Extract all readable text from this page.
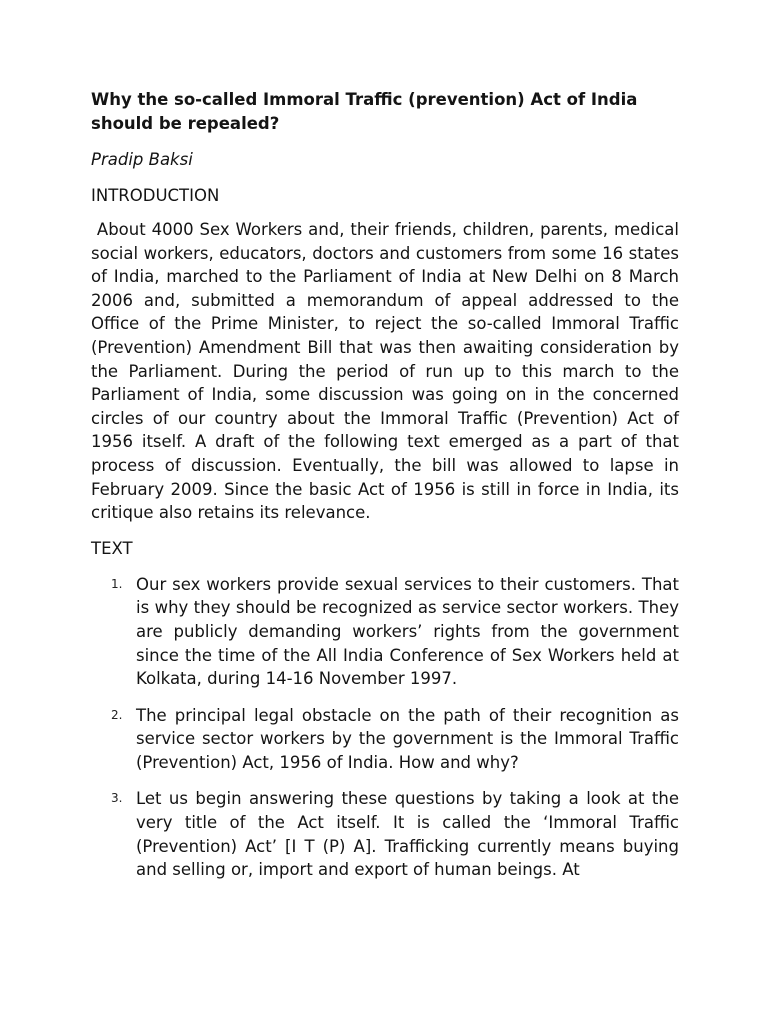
Why the so-called Immoral Traffic (prevention) Act of India should be repealed?

Pradip Baksi

INTRODUCTION

About 4000 Sex Workers and, their friends, children, parents, medical social workers, educators, doctors and customers from some 16 states of India, marched to the Parliament of India at New Delhi on 8 March 2006 and, submitted a memorandum of appeal addressed to the Office of the Prime Minister, to reject the so-called Immoral Traffic (Prevention) Amendment Bill that was then awaiting consideration by the Parliament. During the period of run up to this march to the Parliament of India, some discussion was going on in the concerned circles of our country about the Immoral Traffic (Prevention) Act of 1956 itself. A draft of the following text emerged as a part of that process of discussion. Eventually, the bill was allowed to lapse in February 2009. Since the basic Act of 1956 is still in force in India, its critique also retains its relevance.

TEXT

1. Our sex workers provide sexual services to their customers. That is why they should be recognized as service sector workers. They are publicly demanding workers’ rights from the government since the time of the All India Conference of Sex Workers held at Kolkata, during 14-16 November 1997.
2. The principal legal obstacle on the path of their recognition as service sector workers by the government is the Immoral Traffic (Prevention) Act, 1956 of India. How and why?
3. Let us begin answering these questions by taking a look at the very title of the Act itself. It is called the ‘Immoral Traffic (Prevention) Act’ [I T (P) A]. Trafficking currently means buying and selling or, import and export of human beings. At
